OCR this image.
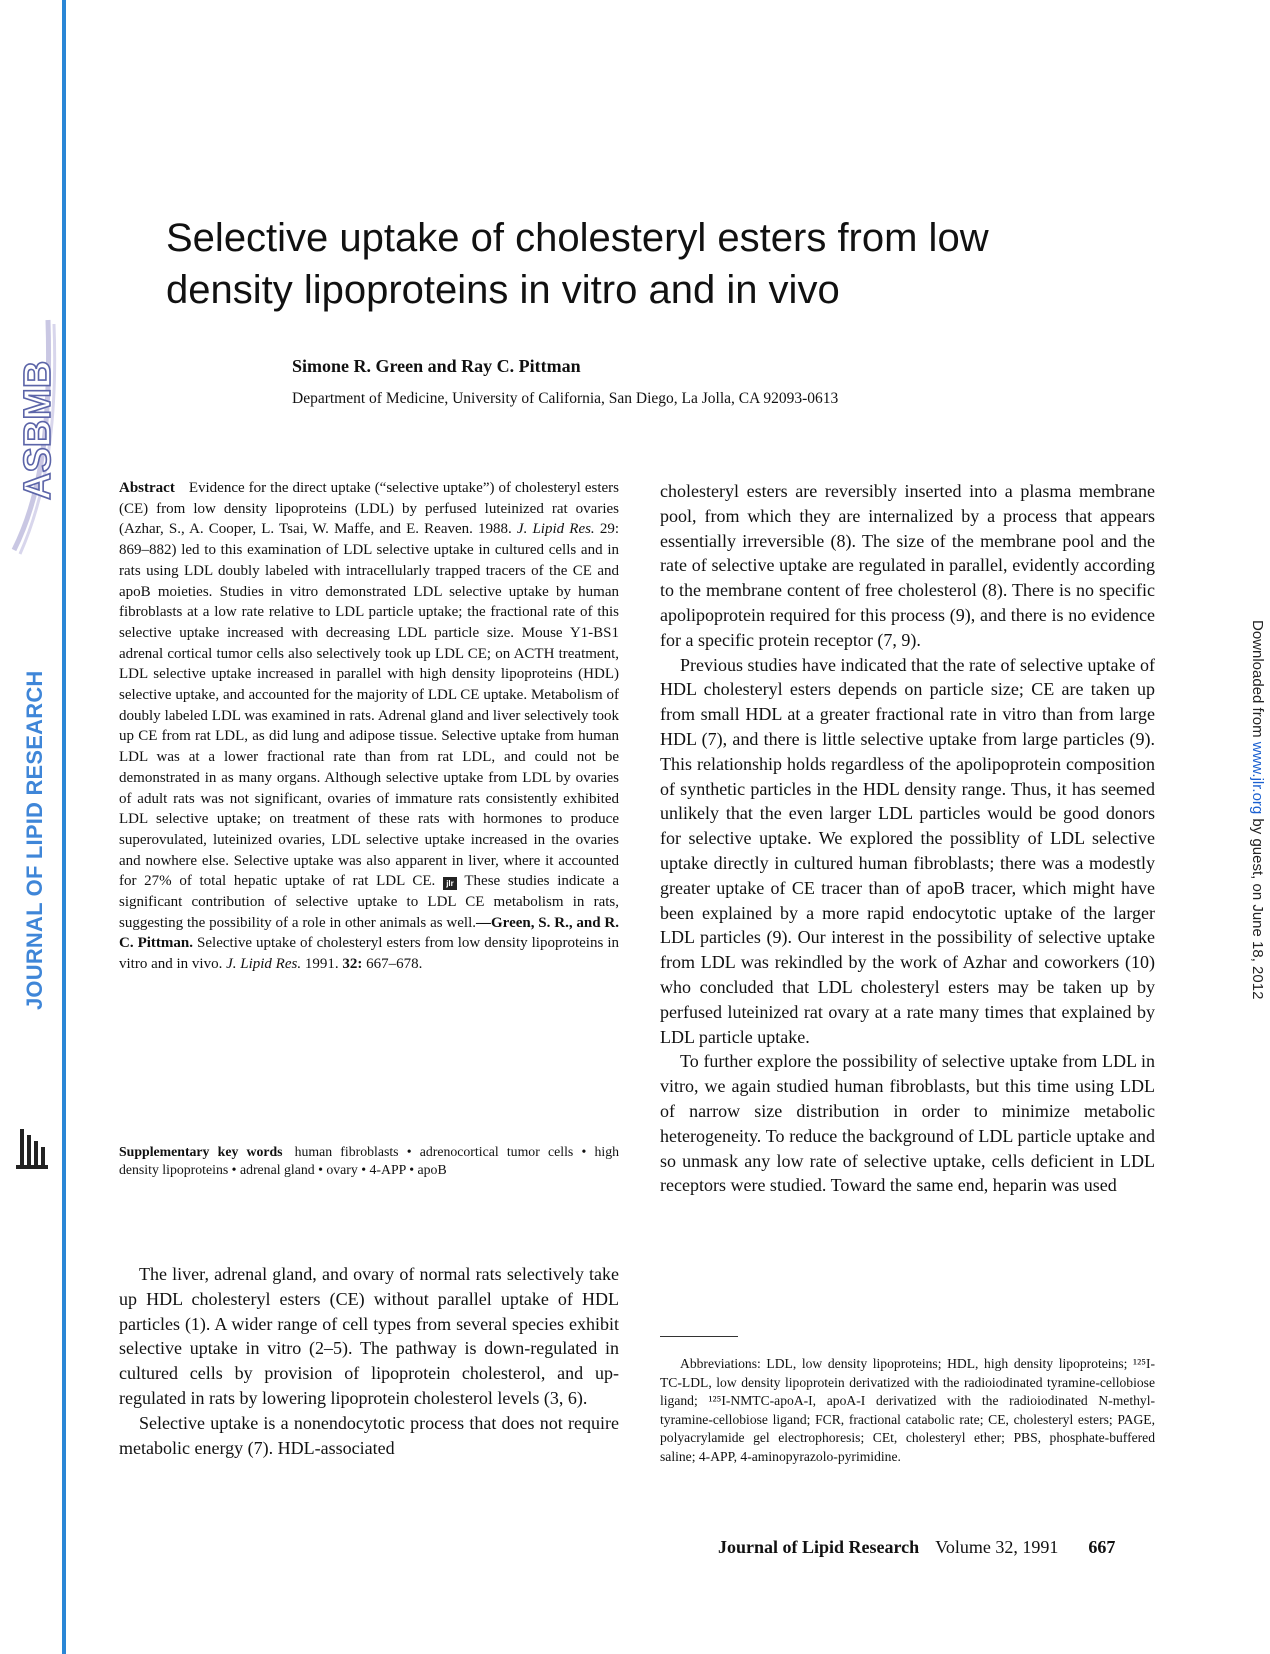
ASBMB
JOURNAL OF LIPID RESEARCH	Downloaded from www.jlr.org by guest, on June 18, 2012
Selective uptake of cholesteryl esters from low density lipoproteins in vitro and in vivo
Simone R. Green and Ray C. Pittman
Department of Medicine, University of California, San Diego, La Jolla, CA 92093-0613
Abstract Evidence for the direct uptake (“selective uptake”) of cholesteryl esters (CE) from low density lipoproteins (LDL) by perfused luteinized rat ovaries (Azhar, S., A. Cooper, L. Tsai, W. Maffe, and E. Reaven. 1988. J. Lipid Res. 29: 869–882) led to this examination of LDL selective uptake in cultured cells and in rats using LDL doubly labeled with intracellularly trapped tracers of the CE and apoB moieties. Studies in vitro demonstrated LDL selective uptake by human fibroblasts at a low rate relative to LDL particle uptake; the fractional rate of this selective uptake increased with decreasing LDL particle size. Mouse Y1-BS1 adrenal cortical tumor cells also selectively took up LDL CE; on ACTH treatment, LDL selective uptake increased in parallel with high density lipoproteins (HDL) selective uptake, and accounted for the majority of LDL CE uptake. Metabolism of doubly labeled LDL was examined in rats. Adrenal gland and liver selectively took up CE from rat LDL, as did lung and adipose tissue. Selective uptake from human LDL was at a lower fractional rate than from rat LDL, and could not be demonstrated in as many organs. Although selective uptake from LDL by ovaries of adult rats was not significant, ovaries of immature rats consistently exhibited LDL selective uptake; on treatment of these rats with hormones to produce superovulated, luteinized ovaries, LDL selective uptake increased in the ovaries and nowhere else. Selective uptake was also apparent in liver, where it accounted for 27% of total hepatic uptake of rat LDL CE. jlr These studies indicate a significant contribution of selective uptake to LDL CE metabolism in rats, suggesting the possibility of a role in other animals as well.—Green, S. R., and R. C. Pittman. Selective uptake of cholesteryl esters from low density lipoproteins in vitro and in vivo. J. Lipid Res. 1991. 32: 667–678.
Supplementary key words human fibroblasts • adrenocortical tumor cells • high density lipoproteins • adrenal gland • ovary • 4-APP • apoB

The liver, adrenal gland, and ovary of normal rats selectively take up HDL cholesteryl esters (CE) without parallel uptake of HDL particles (1). A wider range of cell types from several species exhibit selective uptake in vitro (2–5). The pathway is down-regulated in cultured cells by provision of lipoprotein cholesterol, and up-regulated in rats by lowering lipoprotein cholesterol levels (3, 6).

Selective uptake is a nonendocytotic process that does not require metabolic energy (7). HDL-associated

cholesteryl esters are reversibly inserted into a plasma membrane pool, from which they are internalized by a process that appears essentially irreversible (8). The size of the membrane pool and the rate of selective uptake are regulated in parallel, evidently according to the membrane content of free cholesterol (8). There is no specific apolipoprotein required for this process (9), and there is no evidence for a specific protein receptor (7, 9).

Previous studies have indicated that the rate of selective uptake of HDL cholesteryl esters depends on particle size; CE are taken up from small HDL at a greater fractional rate in vitro than from large HDL (7), and there is little selective uptake from large particles (9). This relationship holds regardless of the apolipoprotein composition of synthetic particles in the HDL density range. Thus, it has seemed unlikely that the even larger LDL particles would be good donors for selective uptake. We explored the possiblity of LDL selective uptake directly in cultured human fibroblasts; there was a modestly greater uptake of CE tracer than of apoB tracer, which might have been explained by a more rapid endocytotic uptake of the larger LDL particles (9). Our interest in the possibility of selective uptake from LDL was rekindled by the work of Azhar and coworkers (10) who concluded that LDL cholesteryl esters may be taken up by perfused luteinized rat ovary at a rate many times that explained by LDL particle uptake.

To further explore the possibility of selective uptake from LDL in vitro, we again studied human fibroblasts, but this time using LDL of narrow size distribution in order to minimize metabolic heterogeneity. To reduce the background of LDL particle uptake and so unmask any low rate of selective uptake, cells deficient in LDL receptors were studied. Toward the same end, heparin was used

Abbreviations: LDL, low density lipoproteins; HDL, high density lipoproteins; ¹²⁵I-TC-LDL, low density lipoprotein derivatized with the radioiodinated tyramine-cellobiose ligand; ¹²⁵I-NMTC-apoA-I, apoA-I derivatized with the radioiodinated N-methyl-tyramine-cellobiose ligand; FCR, fractional catabolic rate; CE, cholesteryl esters; PAGE, polyacrylamide gel electrophoresis; CEt, cholesteryl ether; PBS, phosphate-buffered saline; 4-APP, 4-aminopyrazolo-pyrimidine.
Journal of Lipid Research Volume 32, 1991 667
